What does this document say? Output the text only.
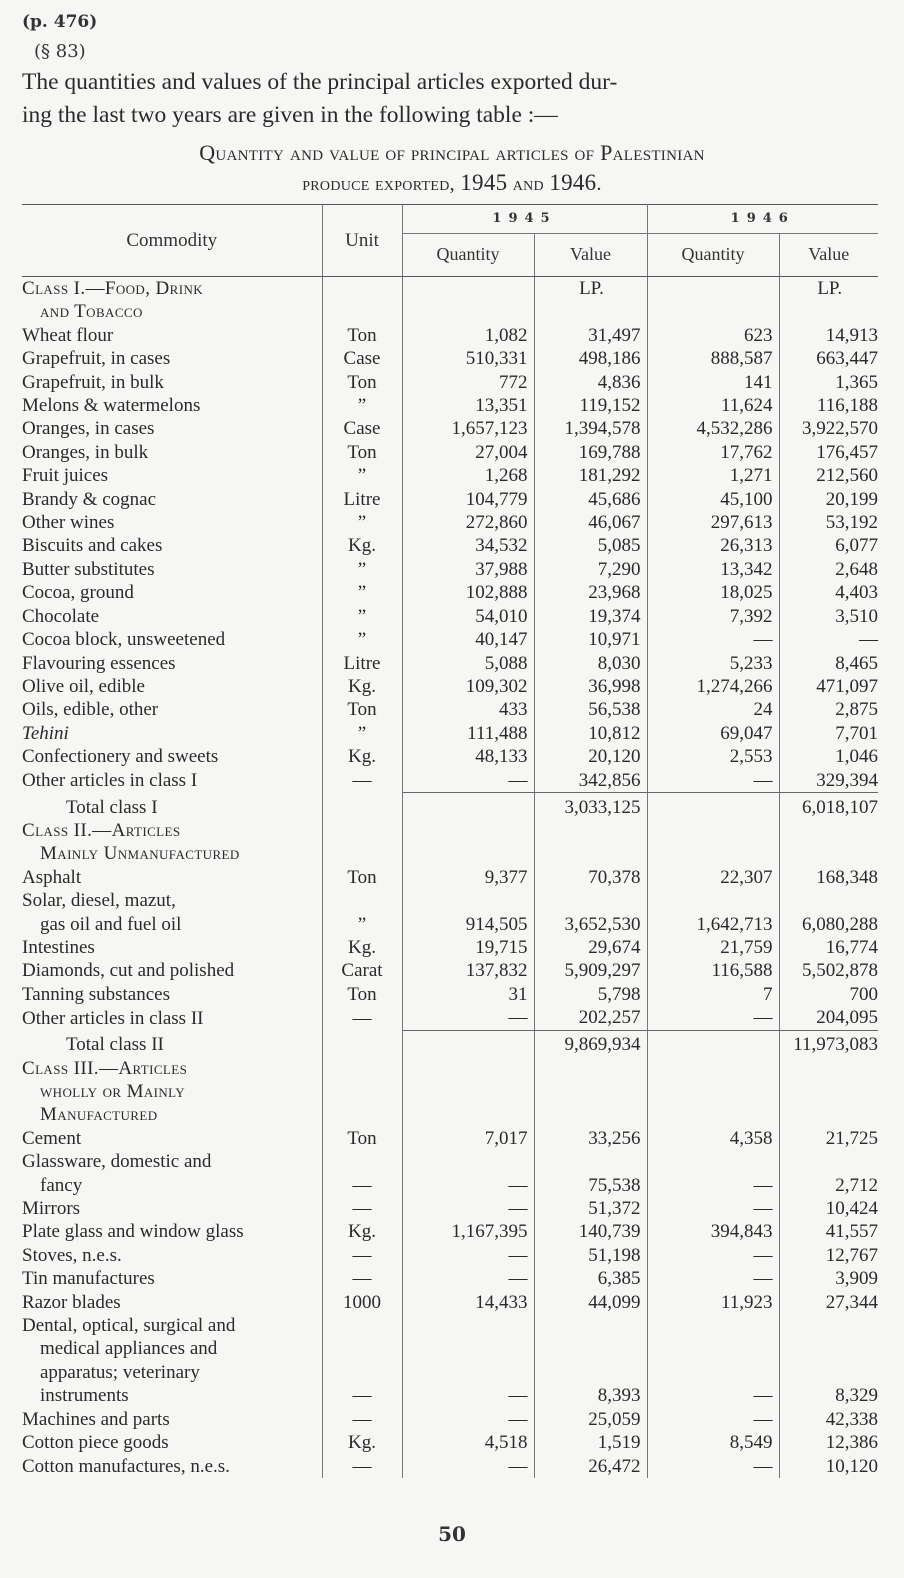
(p. 476)
(§ 83)
The quantities and values of the principal articles exported dur-
ing the last two years are given in the following table :—
Quantity and value of principal articles of Palestinian
produce exported, 1945 and 1946.
Commodity	Unit	1945		1946	
		Quantity	Value	Quantity	Value
Class I.—Food, Drink			LP.		LP.
and Tobacco					
Wheat flour	Ton	1,082	31,497	623	14,913
Grapefruit, in cases	Case	510,331	498,186	888,587	663,447
Grapefruit, in bulk	Ton	772	4,836	141	1,365
Melons & watermelons	”	13,351	119,152	11,624	116,188
Oranges, in cases	Case	1,657,123	1,394,578	4,532,286	3,922,570
Oranges, in bulk	Ton	27,004	169,788	17,762	176,457
Fruit juices	”	1,268	181,292	1,271	212,560
Brandy & cognac	Litre	104,779	45,686	45,100	20,199
Other wines	”	272,860	46,067	297,613	53,192
Biscuits and cakes	Kg.	34,532	5,085	26,313	6,077
Butter substitutes	”	37,988	7,290	13,342	2,648
Cocoa, ground	”	102,888	23,968	18,025	4,403
Chocolate	”	54,010	19,374	7,392	3,510
Cocoa block, unsweetened	”	40,147	10,971	—	—
Flavouring essences	Litre	5,088	8,030	5,233	8,465
Olive oil, edible	Kg.	109,302	36,998	1,274,266	471,097
Oils, edible, other	Ton	433	56,538	24	2,875
Tehini	”	111,488	10,812	69,047	7,701
Confectionery and sweets	Kg.	48,133	20,120	2,553	1,046
Other articles in class I	—	—	342,856	—	329,394
Total class I			3,033,125		6,018,107
Class II.—Articles					
Mainly Unmanufactured					
Asphalt	Ton	9,377	70,378	22,307	168,348
Solar, diesel, mazut,					
gas oil and fuel oil	”	914,505	3,652,530	1,642,713	6,080,288
Intestines	Kg.	19,715	29,674	21,759	16,774
Diamonds, cut and polished	Carat	137,832	5,909,297	116,588	5,502,878
Tanning substances	Ton	31	5,798	7	700
Other articles in class II	—	—	202,257	—	204,095
Total class II			9,869,934		11,973,083
Class III.—Articles					
wholly or Mainly					
Manufactured					
Cement	Ton	7,017	33,256	4,358	21,725
Glassware, domestic and					
fancy	—	—	75,538	—	2,712
Mirrors	—	—	51,372	—	10,424
Plate glass and window glass	Kg.	1,167,395	140,739	394,843	41,557
Stoves, n.e.s.	—	—	51,198	—	12,767
Tin manufactures	—	—	6,385	—	3,909
Razor blades	1000	14,433	44,099	11,923	27,344
Dental, optical, surgical and					
medical appliances and					
apparatus; veterinary					
instruments	—	—	8,393	—	8,329
Machines and parts	—	—	25,059	—	42,338
Cotton piece goods	Kg.	4,518	1,519	8,549	12,386
Cotton manufactures, n.e.s.	—	—	26,472	—	10,120
50
